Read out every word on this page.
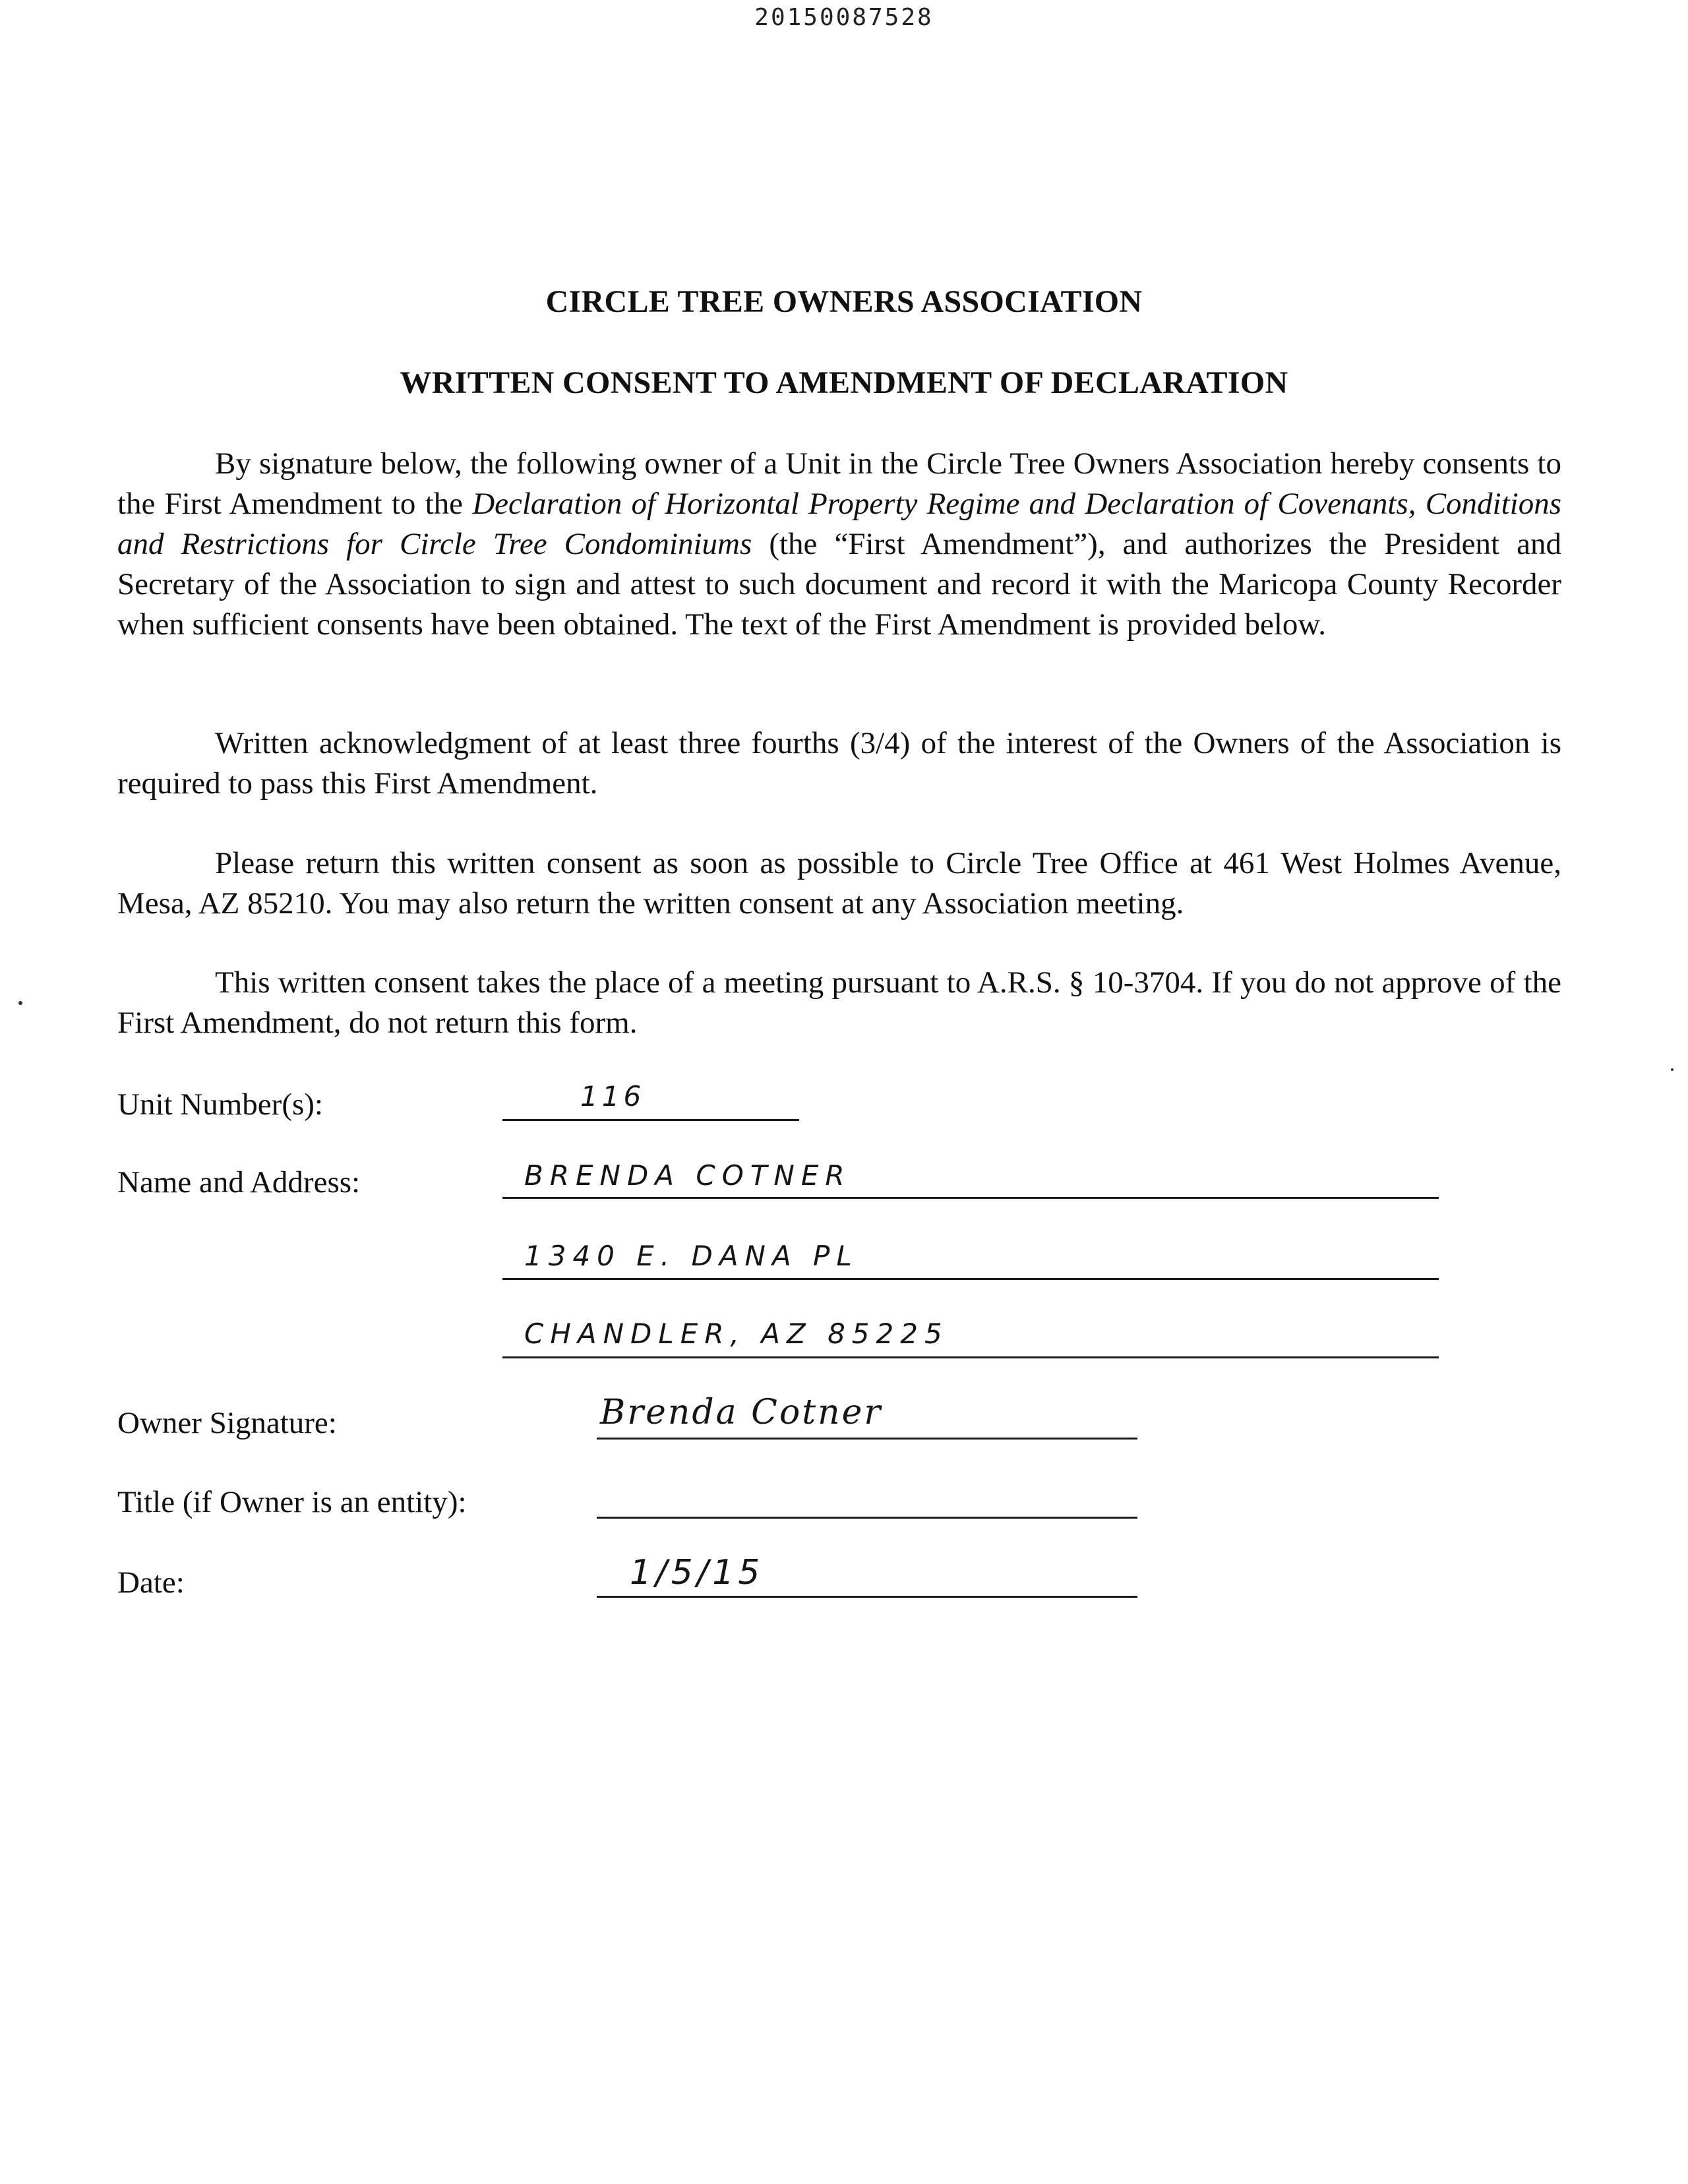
20150087528
CIRCLE TREE OWNERS ASSOCIATION
WRITTEN CONSENT TO AMENDMENT OF DECLARATION
By signature below, the following owner of a Unit in the Circle Tree Owners Association hereby consents to the First Amendment to the Declaration of Horizontal Property Regime and Declaration of Covenants, Conditions and Restrictions for Circle Tree Condominiums (the “First Amendment”), and authorizes the President and Secretary of the Association to sign and attest to such document and record it with the Maricopa County Recorder when sufficient consents have been obtained. The text of the First Amendment is provided below.
Written acknowledgment of at least three fourths (3/4) of the interest of the Owners of the Association is required to pass this First Amendment.
Please return this written consent as soon as possible to Circle Tree Office at 461 West Holmes Avenue, Mesa, AZ 85210. You may also return the written consent at any Association meeting.
This written consent takes the place of a meeting pursuant to A.R.S. § 10-3704. If you do not approve of the First Amendment, do not return this form.
Unit Number(s):	116
Name and Address:	BRENDA COTNER
1340 E. DANA PL
CHANDLER, AZ 85225
Owner Signature:	Brenda Cotner
Title (if Owner is an entity):
Date:	1/5/15
